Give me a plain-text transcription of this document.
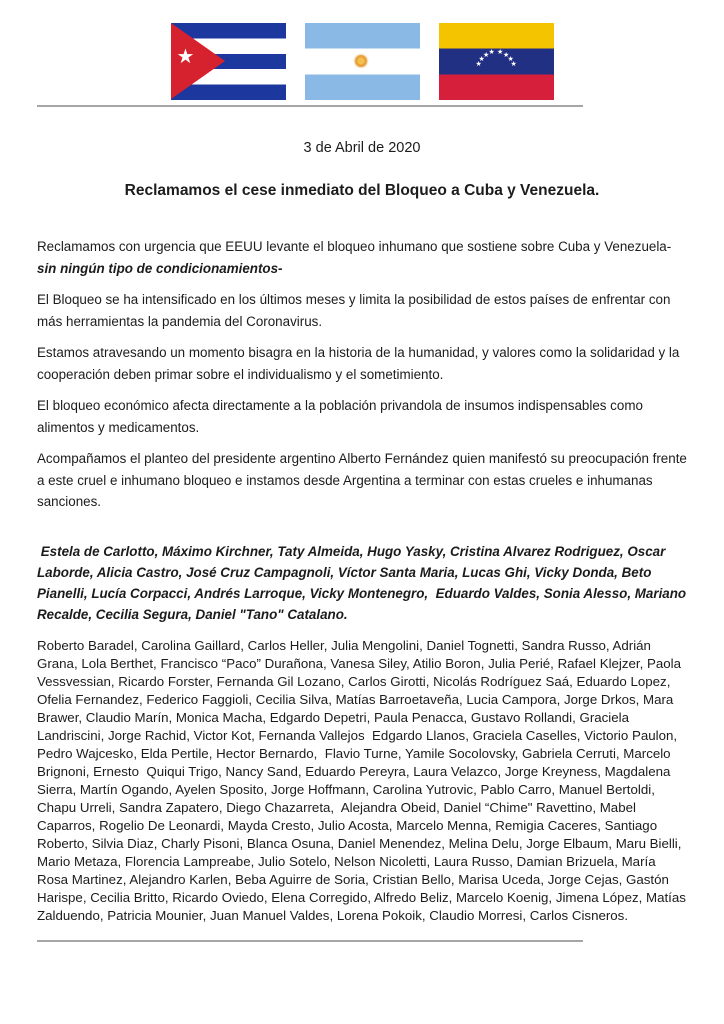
★	★
★
★ ★ ★ ★
★
★
3 de Abril de 2020
Reclamamos el cese inmediato del Bloqueo a Cuba y Venezuela.

Reclamamos con urgencia que EEUU levante el bloqueo inhumano que sostiene sobre Cuba y Venezuela-
sin ningún tipo de condicionamientos-

El Bloqueo se ha intensificado en los últimos meses y limita la posibilidad de estos países de enfrentar con más herramientas la pandemia del Coronavirus.

Estamos atravesando un momento bisagra en la historia de la humanidad, y valores como la solidaridad y la cooperación deben primar sobre el individualismo y el sometimiento.

El bloqueo económico afecta directamente a la población privandola de insumos indispensables como alimentos y medicamentos.

Acompañamos el planteo del presidente argentino Alberto Fernández quien manifestó su preocupación frente a este cruel e inhumano bloqueo e instamos desde Argentina a terminar con estas crueles e inhumanas sanciones.

Estela de Carlotto, Máximo Kirchner, Taty Almeida, Hugo Yasky, Cristina Alvarez Rodriguez, Oscar Laborde, Alicia Castro, José Cruz Campagnoli, Víctor Santa Maria, Lucas Ghi, Vicky Donda, Beto Pianelli, Lucía Corpacci, Andrés Larroque, Vicky Montenegro,  Eduardo Valdes, Sonia Alesso, Mariano Recalde, Cecilia Segura, Daniel "Tano" Catalano.

Roberto Baradel, Carolina Gaillard, Carlos Heller, Julia Mengolini, Daniel Tognetti, Sandra Russo, Adrián Grana, Lola Berthet, Francisco “Paco” Durañona, Vanesa Siley, Atilio Boron, Julia Perié, Rafael Klejzer, Paola Vessvessian, Ricardo Forster, Fernanda Gil Lozano, Carlos Girotti, Nicolás Rodríguez Saá, Eduardo Lopez, Ofelia Fernandez, Federico Faggioli, Cecilia Silva, Matías Barroetaveña, Lucia Campora, Jorge Drkos, Mara Brawer, Claudio Marín, Monica Macha, Edgardo Depetri, Paula Penacca, Gustavo Rollandi, Graciela Landriscini, Jorge Rachid, Victor Kot, Fernanda Vallejos  Edgardo Llanos, Graciela Caselles, Victorio Paulon, Pedro Wajcesko, Elda Pertile, Hector Bernardo,  Flavio Turne, Yamile Socolovsky, Gabriela Cerruti, Marcelo Brignoni, Ernesto  Quiqui Trigo, Nancy Sand, Eduardo Pereyra, Laura Velazco, Jorge Kreyness, Magdalena Sierra, Martín Ogando, Ayelen Sposito, Jorge Hoffmann, Carolina Yutrovic, Pablo Carro, Manuel Bertoldi, Chapu Urreli, Sandra Zapatero, Diego Chazarreta,  Alejandra Obeid, Daniel “Chime" Ravettino, Mabel Caparros, Rogelio De Leonardi, Mayda Cresto, Julio Acosta, Marcelo Menna, Remigia Caceres, Santiago Roberto, Silvia Diaz, Charly Pisoni, Blanca Osuna, Daniel Menendez, Melina Delu, Jorge Elbaum, Maru Bielli, Mario Metaza, Florencia Lampreabe, Julio Sotelo, Nelson Nicoletti, Laura Russo, Damian Brizuela, María Rosa Martinez, Alejandro Karlen, Beba Aguirre de Soria, Cristian Bello, Marisa Uceda, Jorge Cejas, Gastón Harispe, Cecilia Britto, Ricardo Oviedo, Elena Corregido, Alfredo Beliz, Marcelo Koenig, Jimena López, Matías Zalduendo, Patricia Mounier, Juan Manuel Valdes, Lorena Pokoik, Claudio Morresi, Carlos Cisneros.
